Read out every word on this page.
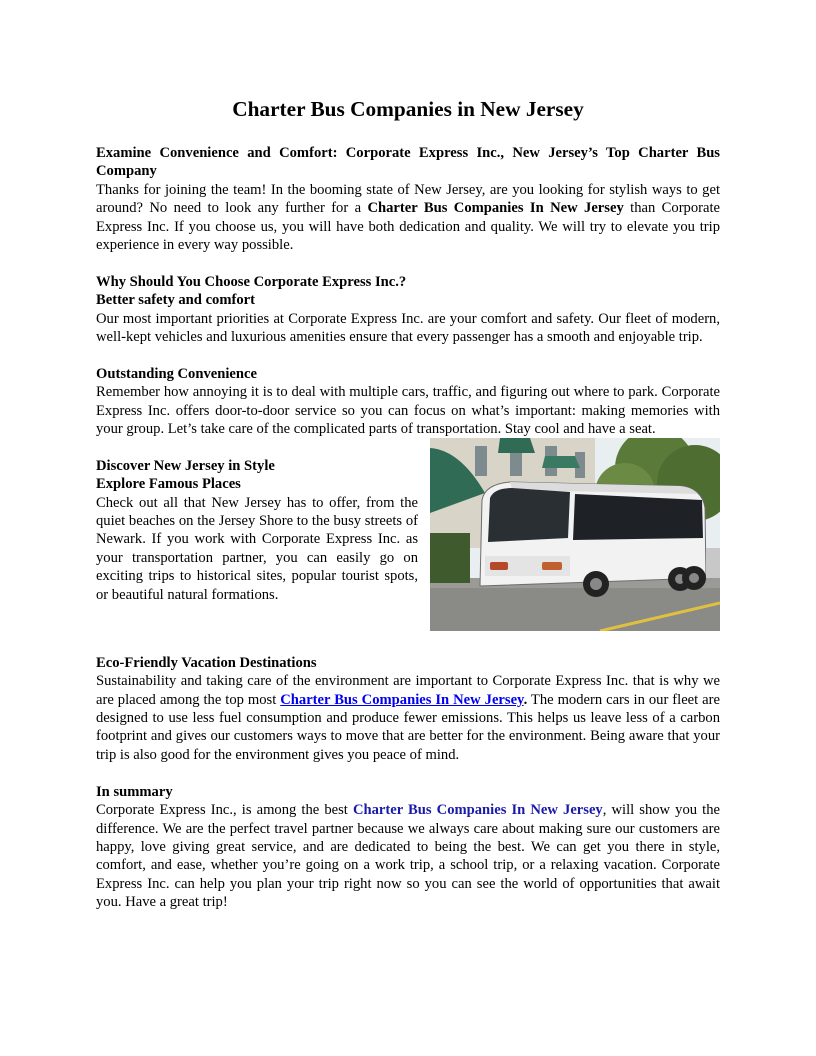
Charter Bus Companies in New Jersey

Examine Convenience and Comfort: Corporate Express Inc., New Jersey’s Top Charter Bus Company

Thanks for joining the team! In the booming state of New Jersey, are you looking for stylish ways to get around? No need to look any further for a Charter Bus Companies In New Jersey than Corporate Express Inc. If you choose us, you will have both dedication and quality. We will try to elevate you trip experience in every way possible.

Why Should You Choose Corporate Express Inc.?

Better safety and comfort

Our most important priorities at Corporate Express Inc. are your comfort and safety. Our fleet of modern, well-kept vehicles and luxurious amenities ensure that every passenger has a smooth and enjoyable trip.

Outstanding Convenience

Remember how annoying it is to deal with multiple cars, traffic, and figuring out where to park. Corporate Express Inc. offers door-to-door service so you can focus on what’s important: making memories with your group. Let’s take care of the complicated parts of transportation. Stay cool and have a seat.

Discover New Jersey in Style

Explore Famous Places

Check out all that New Jersey has to offer, from the quiet beaches on the Jersey Shore to the busy streets of Newark. If you work with Corporate Express Inc. as your transportation partner, you can easily go on exciting trips to historical sites, popular tourist spots, or beautiful natural formations.

Eco-Friendly Vacation Destinations

Sustainability and taking care of the environment are important to Corporate Express Inc. that is why we are placed among the top most Charter Bus Companies In New Jersey. The modern cars in our fleet are designed to use less fuel consumption and produce fewer emissions. This helps us leave less of a carbon footprint and gives our customers ways to move that are better for the environment. Being aware that your trip is also good for the environment gives you peace of mind.

In summary

Corporate Express Inc., is among the best Charter Bus Companies In New Jersey, will show you the difference. We are the perfect travel partner because we always care about making sure our customers are happy, love giving great service, and are dedicated to being the best. We can get you there in style, comfort, and ease, whether you’re going on a work trip, a school trip, or a relaxing vacation. Corporate Express Inc. can help you plan your trip right now so you can see the world of opportunities that await you. Have a great trip!
